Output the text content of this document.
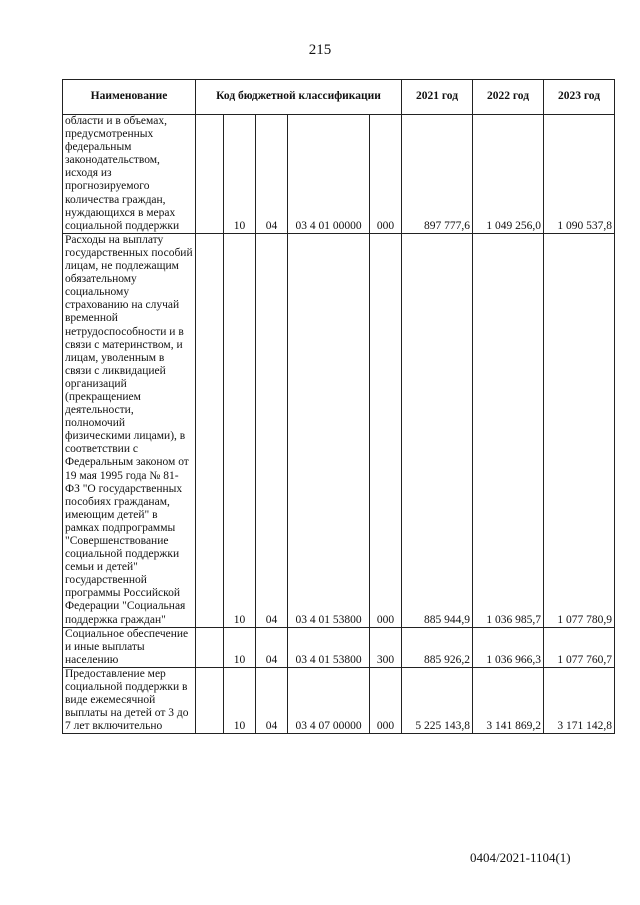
215
Наименование	Код бюджетной классификации					2021 год	2022 год	2023 год

области и в объемах, предусмотренных федеральным законодательством, исходя из прогнозируемого количества граждан, нуждающихся в мерах социальной поддержки		10	04	03 4 01 00000	000	897 777,6	1 049 256,0	1 090 537,8

Расходы на выплату государственных пособий лицам, не подлежащим обязательному социальному страхованию на случай временной нетрудоспособности и в связи с материнством, и лицам, уволенным в связи с ликвидацией организаций (прекращением деятельности, полномочий физическими лицами), в соответствии с Федеральным законом от 19 мая 1995 года № 81-ФЗ "О государственных пособиях гражданам, имеющим детей" в рамках подпрограммы "Совершенствование социальной поддержки семьи и детей" государственной программы Российской Федерации "Социальная поддержка граждан"		10	04	03 4 01 53800	000	885 944,9	1 036 985,7	1 077 780,9

Социальное обеспечение и иные выплаты населению		10	04	03 4 01 53800	300	885 926,2	1 036 966,3	1 077 760,7

Предоставление мер социальной поддержки в виде ежемесячной выплаты на детей от 3 до 7 лет включительно		10	04	03 4 07 00000	000	5 225 143,8	3 141 869,2	3 171 142,8
0404/2021-1104(1)
